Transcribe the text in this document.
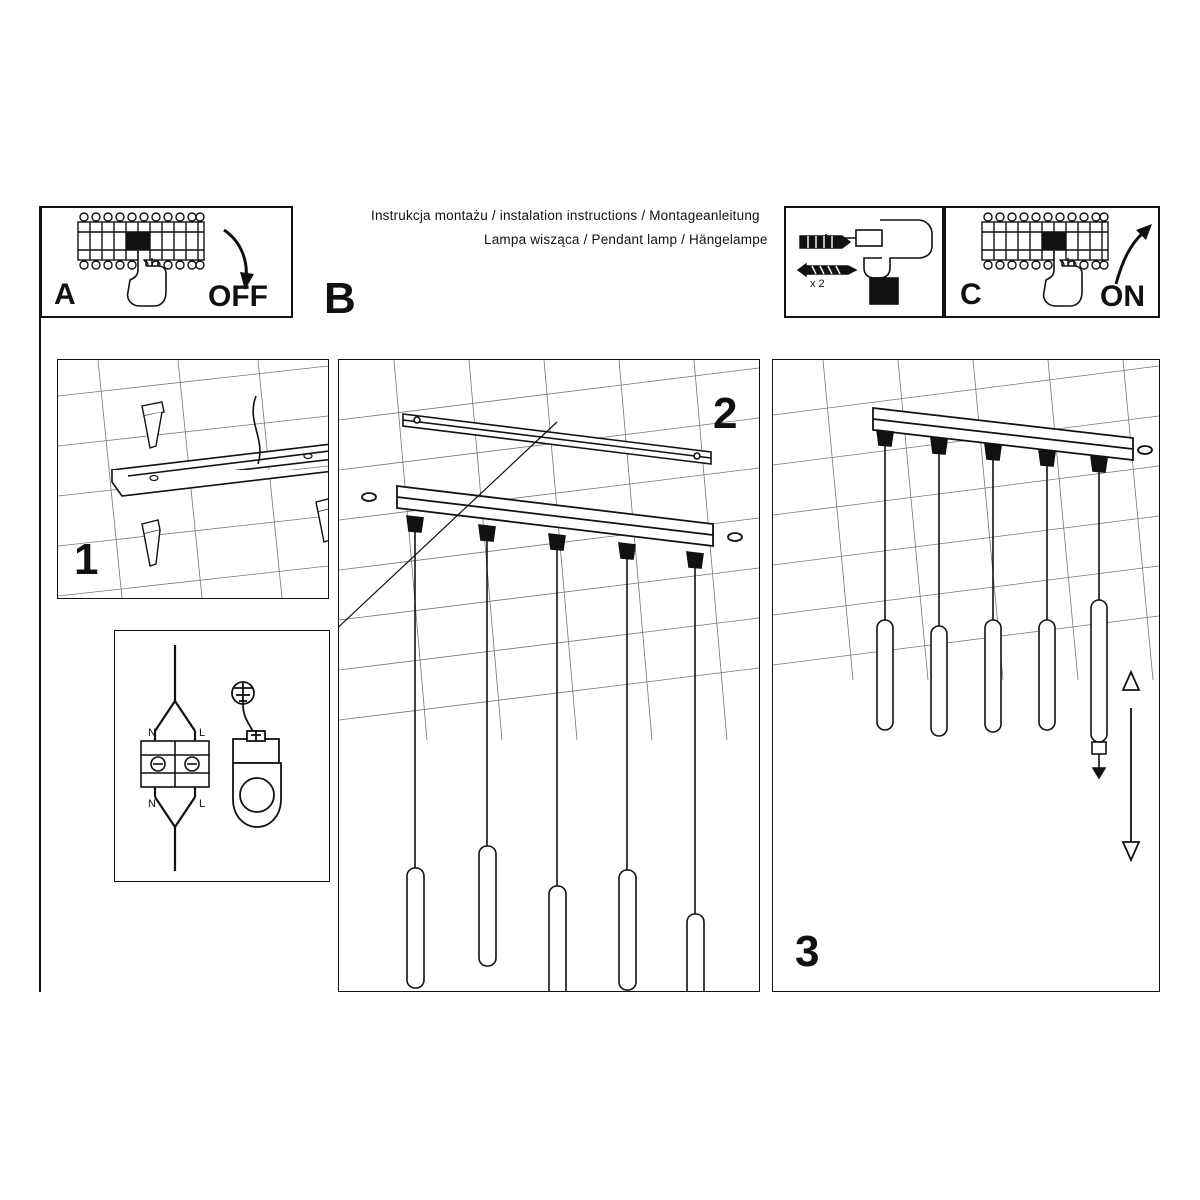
A	OFF
Instrukcja montażu / instalation instructions / Montageanleitung
Lampa wisząca / Pendant lamp / Hängelampe
B	x 2	C	ON
1
N	L
N	L
2
3
